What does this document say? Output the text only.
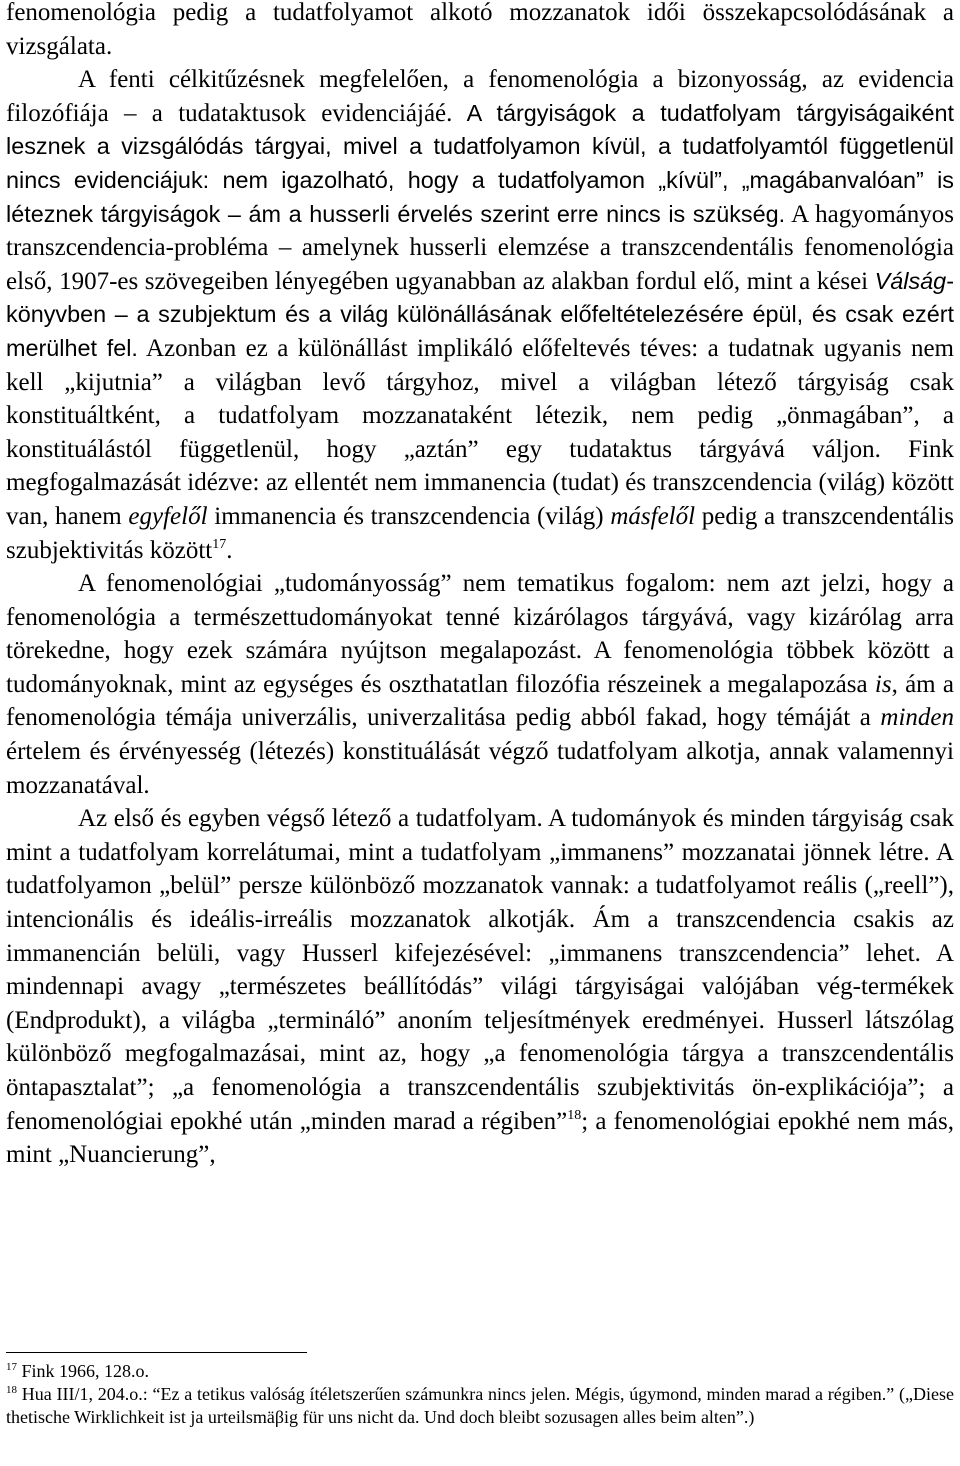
fenomenológia pedig a tudatfolyamot alkotó mozzanatok idői összekapcsolódásának a vizsgálata.

A fenti célkitűzésnek megfelelően, a fenomenológia a bizonyosság, az evidencia filozófiája – a tudataktusok evidenciájáé. A tárgyiságok a tudatfolyam tárgyiságaiként lesznek a vizsgálódás tárgyai, mivel a tudatfolyamon kívül, a tudatfolyamtól függetlenül nincs evidenciájuk: nem igazolható, hogy a tudatfolyamon „kívül”, „magábanvalóan” is léteznek tárgyiságok – ám a husserli érvelés szerint erre nincs is szükség. A hagyományos transzcendencia-probléma – amelynek husserli elemzése a transzcendentális fenomenológia első, 1907-es szövegeiben lényegében ugyanabban az alakban fordul elő, mint a kései Válság-könyvben – a szubjektum és a világ különállásának előfeltételezésére épül, és csak ezért merülhet fel. Azonban ez a különállást implikáló előfeltevés téves: a tudatnak ugyanis nem kell „kijutnia” a világban levő tárgyhoz, mivel a világban létező tárgyiság csak konstituáltként, a tudatfolyam mozzanataként létezik, nem pedig „önmagában”, a konstituálástól függetlenül, hogy „aztán” egy tudataktus tárgyává váljon. Fink megfogalmazását idézve: az ellentét nem immanencia (tudat) és transzcendencia (világ) között van, hanem egyfelől immanencia és transzcendencia (világ) másfelől pedig a transzcendentális szubjektivitás között$^{17}$.

A fenomenológiai „tudományosság” nem tematikus fogalom: nem azt jelzi, hogy a fenomenológia a természettudományokat tenné kizárólagos tárgyává, vagy kizárólag arra törekedne, hogy ezek számára nyújtson megalapozást. A fenomenológia többek között a tudományoknak, mint az egységes és oszthatatlan filozófia részeinek a megalapozása is, ám a fenomenológia témája univerzális, univerzalitása pedig abból fakad, hogy témáját a minden értelem és érvényesség (létezés) konstituálását végző tudatfolyam alkotja, annak valamennyi mozzanatával.

Az első és egyben végső létező a tudatfolyam. A tudományok és minden tárgyiság csak mint a tudatfolyam korrelátumai, mint a tudatfolyam „immanens” mozzanatai jönnek létre. A tudatfolyamon „belül” persze különböző mozzanatok vannak: a tudatfolyamot reális („reell”), intencionális és ideális-irreális mozzanatok alkotják. Ám a transzcendencia csakis az immanencián belüli, vagy Husserl kifejezésével: „immanens transzcendencia” lehet. A mindennapi avagy „természetes beállítódás” világi tárgyiságai valójában vég-termékek (Endprodukt), a világba „termináló” anoním teljesítmények eredményei. Husserl látszólag különböző megfogalmazásai, mint az, hogy „a fenomenológia tárgya a transzcendentális öntapasztalat”; „a fenomenológia a transzcendentális szubjektivitás ön-explikációja”; a fenomenológiai epokhé után „minden marad a régiben”$^{18}$; a fenomenológiai epokhé nem más, mint „Nuancierung”,

$^{17}$ Fink 1966, 128.o.

$^{18}$ Hua III/1, 204.o.: “Ez a tetikus valóság ítéletszerűen számunkra nincs jelen. Mégis, úgymond, minden marad a régiben.” („Diese thetische Wirklichkeit ist ja urteilsmäβig für uns nicht da. Und doch bleibt sozusagen alles beim alten”.)
